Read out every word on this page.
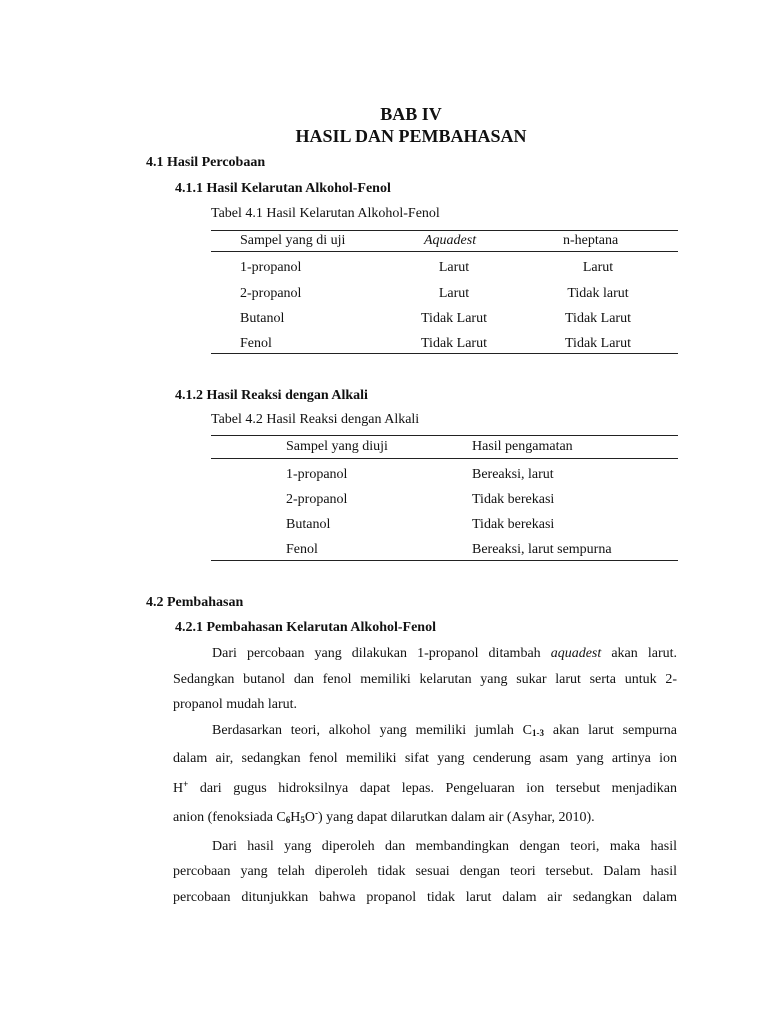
BAB IV
HASIL DAN PEMBAHASAN
4.1 Hasil Percobaan
4.1.1 Hasil Kelarutan Alkohol-Fenol
Tabel 4.1 Hasil Kelarutan Alkohol-Fenol
Sampel yang di uji	Aquadest	n-heptana
1-propanol	Larut	Larut
2-propanol	Larut	Tidak larut
Butanol	Tidak Larut	Tidak Larut
Fenol	Tidak Larut	Tidak Larut
4.1.2 Hasil Reaksi dengan Alkali
Tabel 4.2 Hasil Reaksi dengan Alkali
Sampel yang diuji	Hasil pengamatan
1-propanol	Bereaksi, larut
2-propanol	Tidak berekasi
Butanol	Tidak berekasi
Fenol	Bereaksi, larut sempurna
4.2 Pembahasan
4.2.1 Pembahasan Kelarutan Alkohol-Fenol

Dari percobaan yang dilakukan 1-propanol ditambah aquadest akan larut.

Sedangkan butanol dan fenol memiliki kelarutan yang sukar larut serta untuk 2-
propanol mudah larut.

Berdasarkan teori, alkohol yang memiliki jumlah $C_{1-3}$ akan larut sempurna

dalam air, sedangkan fenol memiliki sifat yang cenderung asam yang artinya ion
H+ dari gugus hidroksilnya dapat lepas. Pengeluaran ion tersebut menjadikan
anion (fenoksiada $C_6H_5O^-$) yang dapat dilarutkan dalam air (Asyhar, 2010).

Dari hasil yang diperoleh dan membandingkan dengan teori, maka hasil

percobaan yang telah diperoleh tidak sesuai dengan teori tersebut. Dalam hasil
percobaan ditunjukkan bahwa propanol tidak larut dalam air sedangkan dalam
